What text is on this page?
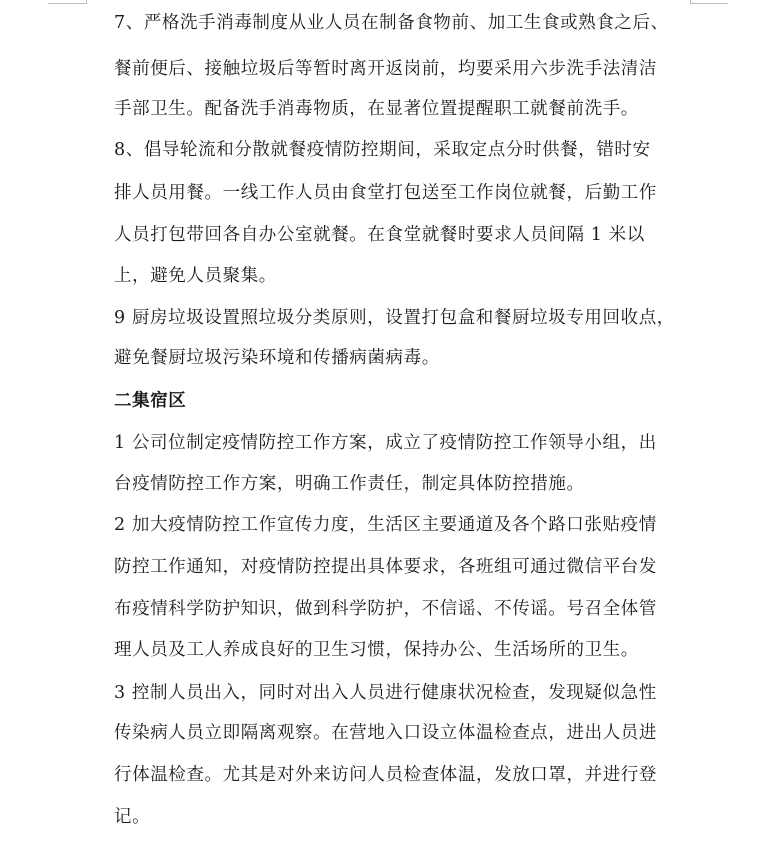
7、严格洗手消毒制度从业人员在制备食物前、加工生食或熟食之后、
餐前便后、接触垃圾后等暂时离开返岗前，均要采用六步洗手法清洁
手部卫生。配备洗手消毒物质，在显著位置提醒职工就餐前洗手。
8、倡导轮流和分散就餐疫情防控期间，采取定点分时供餐，错时安
排人员用餐。一线工作人员由食堂打包送至工作岗位就餐，后勤工作
人员打包带回各自办公室就餐。在食堂就餐时要求人员间隔 1 米以
上，避免人员聚集。
9 厨房垃圾设置照垃圾分类原则，设置打包盒和餐厨垃圾专用回收点，
避免餐厨垃圾污染环境和传播病菌病毒。
二集宿区
1 公司位制定疫情防控工作方案，成立了疫情防控工作领导小组，出
台疫情防控工作方案，明确工作责任，制定具体防控措施。
2 加大疫情防控工作宣传力度，生活区主要通道及各个路口张贴疫情
防控工作通知，对疫情防控提出具体要求，各班组可通过微信平台发
布疫情科学防护知识，做到科学防护，不信谣、不传谣。号召全体管
理人员及工人养成良好的卫生习惯，保持办公、生活场所的卫生。
3 控制人员出入，同时对出入人员进行健康状况检查，发现疑似急性
传染病人员立即隔离观察。在营地入口设立体温检查点，进出人员进
行体温检查。尤其是对外来访问人员检查体温，发放口罩，并进行登
记。
